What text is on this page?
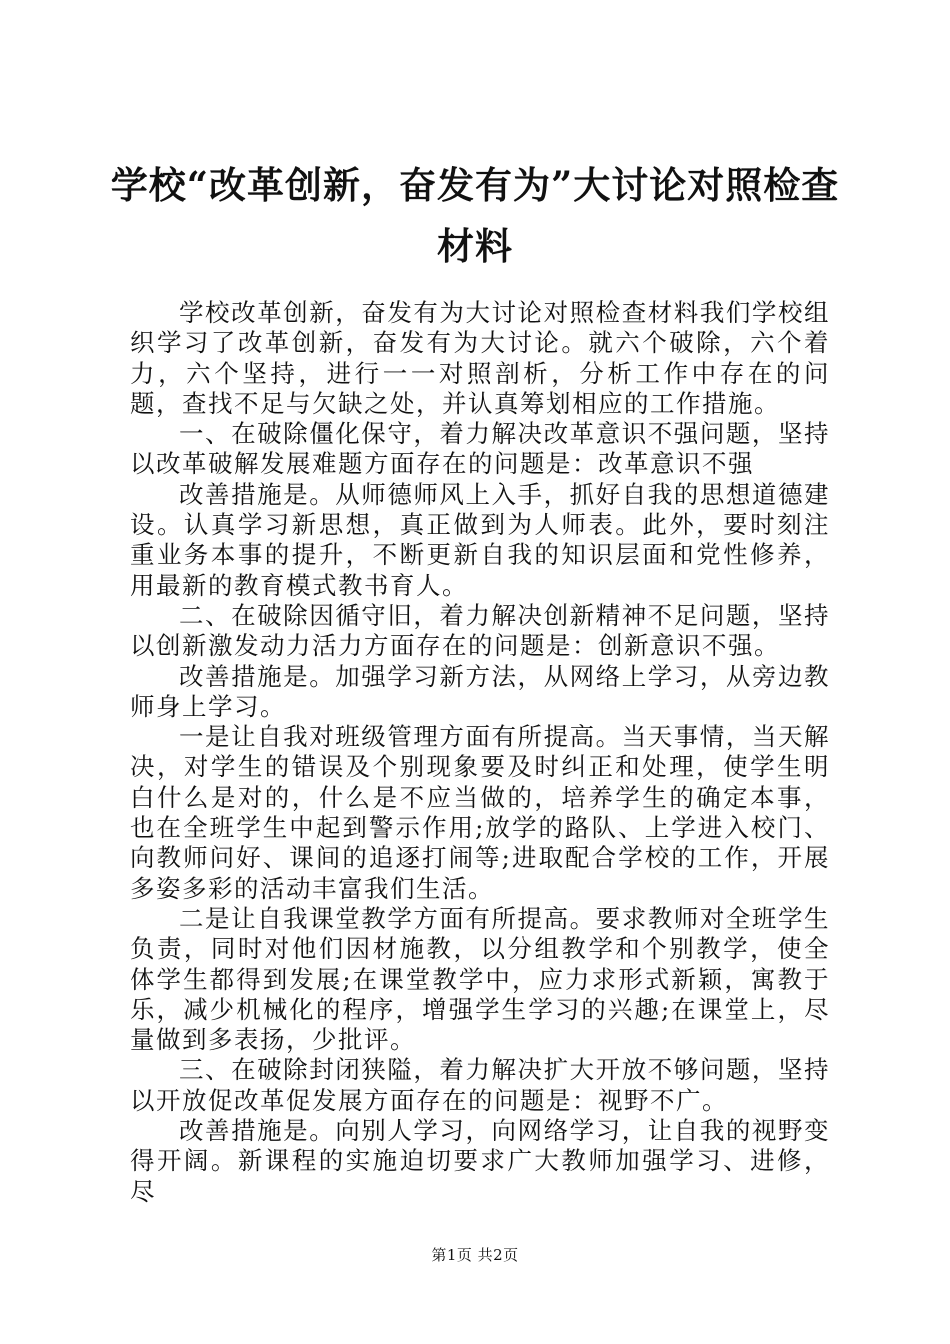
学校“改革创新，奋发有为”大讨论对照检查
材料

学校改革创新，奋发有为大讨论对照检查材料我们学校组织学习了改革创新，奋发有为大讨论。就六个破除，六个着力，六个坚持，进行一一对照剖析，分析工作中存在的问题，查找不足与欠缺之处，并认真筹划相应的工作措施。

一、在破除僵化保守，着力解决改革意识不强问题，坚持以改革破解发展难题方面存在的问题是：改革意识不强

改善措施是。从师德师风上入手，抓好自我的思想道德建设。认真学习新思想，真正做到为人师表。此外，要时刻注重业务本事的提升，不断更新自我的知识层面和党性修养，用最新的教育模式教书育人。

二、在破除因循守旧，着力解决创新精神不足问题，坚持以创新激发动力活力方面存在的问题是：创新意识不强。

改善措施是。加强学习新方法，从网络上学习，从旁边教师身上学习。

一是让自我对班级管理方面有所提高。当天事情，当天解决，对学生的错误及个别现象要及时纠正和处理，使学生明白什么是对的，什么是不应当做的，培养学生的确定本事，也在全班学生中起到警示作用;放学的路队、上学进入校门、向教师问好、课间的追逐打闹等;进取配合学校的工作，开展多姿多彩的活动丰富我们生活。

二是让自我课堂教学方面有所提高。要求教师对全班学生负责，同时对他们因材施教，以分组教学和个别教学，使全体学生都得到发展;在课堂教学中，应力求形式新颖，寓教于乐，减少机械化的程序，增强学生学习的兴趣;在课堂上，尽量做到多表扬，少批评。

三、在破除封闭狭隘，着力解决扩大开放不够问题，坚持以开放促改革促发展方面存在的问题是：视野不广。

改善措施是。向别人学习，向网络学习，让自我的视野变得开阔。新课程的实施迫切要求广大教师加强学习、进修，尽

第1页 共2页
